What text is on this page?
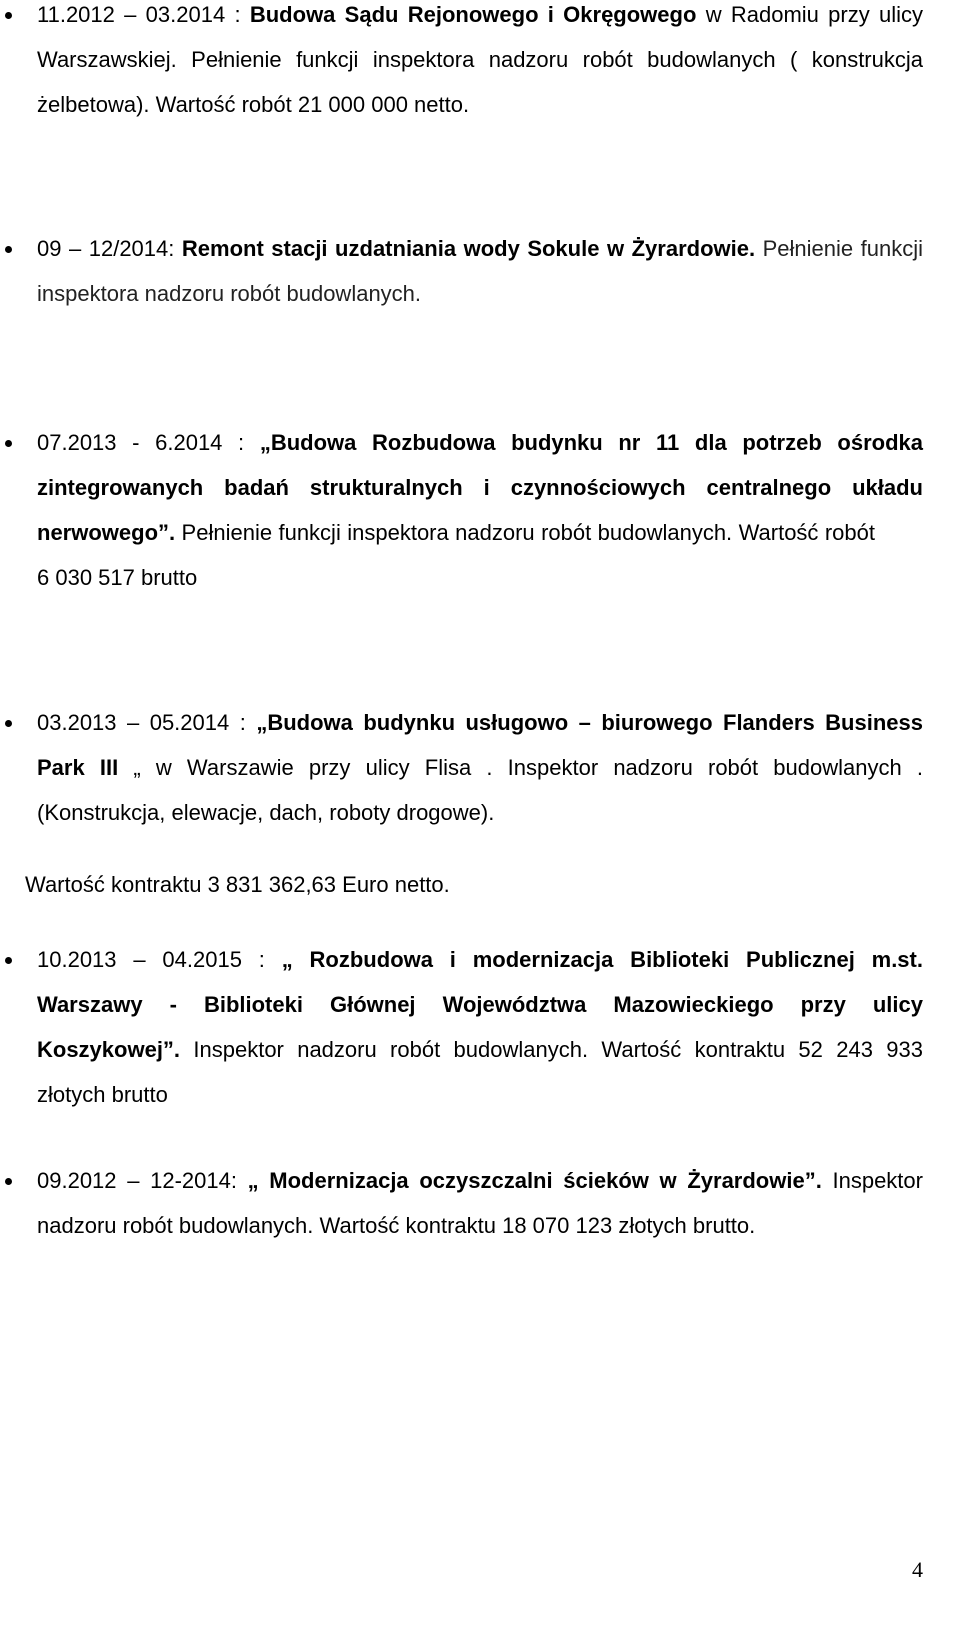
11.2012 – 03.2014 : Budowa Sądu Rejonowego i Okręgowego w Radomiu przy ulicy Warszawskiej. Pełnienie funkcji inspektora nadzoru robót budowlanych ( konstrukcja żelbetowa). Wartość robót 21 000 000 netto.
09 – 12/2014: Remont stacji uzdatniania wody Sokule w Żyrardowie. Pełnienie funkcji inspektora nadzoru robót budowlanych.
07.2013 - 6.2014 : „Budowa Rozbudowa budynku nr 11 dla potrzeb ośrodka zintegrowanych badań strukturalnych i czynnościowych centralnego układu nerwowego”. Pełnienie funkcji inspektora nadzoru robót budowlanych. Wartość robót6 030 517 brutto
03.2013 – 05.2014 : „Budowa budynku usługowo – biurowego Flanders Business Park III „ w Warszawie przy ulicy Flisa . Inspektor nadzoru robót budowlanych . (Konstrukcja, elewacje, dach, roboty drogowe).
Wartość kontraktu 3 831 362,63 Euro netto.
10.2013 – 04.2015 : „ Rozbudowa i modernizacja Biblioteki Publicznej m.st. Warszawy - Biblioteki Głównej Województwa Mazowieckiego przy ulicy Koszykowej”. Inspektor nadzoru robót budowlanych. Wartość kontraktu 52 243 933 złotych brutto
09.2012 – 12-2014: „ Modernizacja oczyszczalni ścieków w Żyrardowie”. Inspektor nadzoru robót budowlanych. Wartość kontraktu 18 070 123 złotych brutto.
4
